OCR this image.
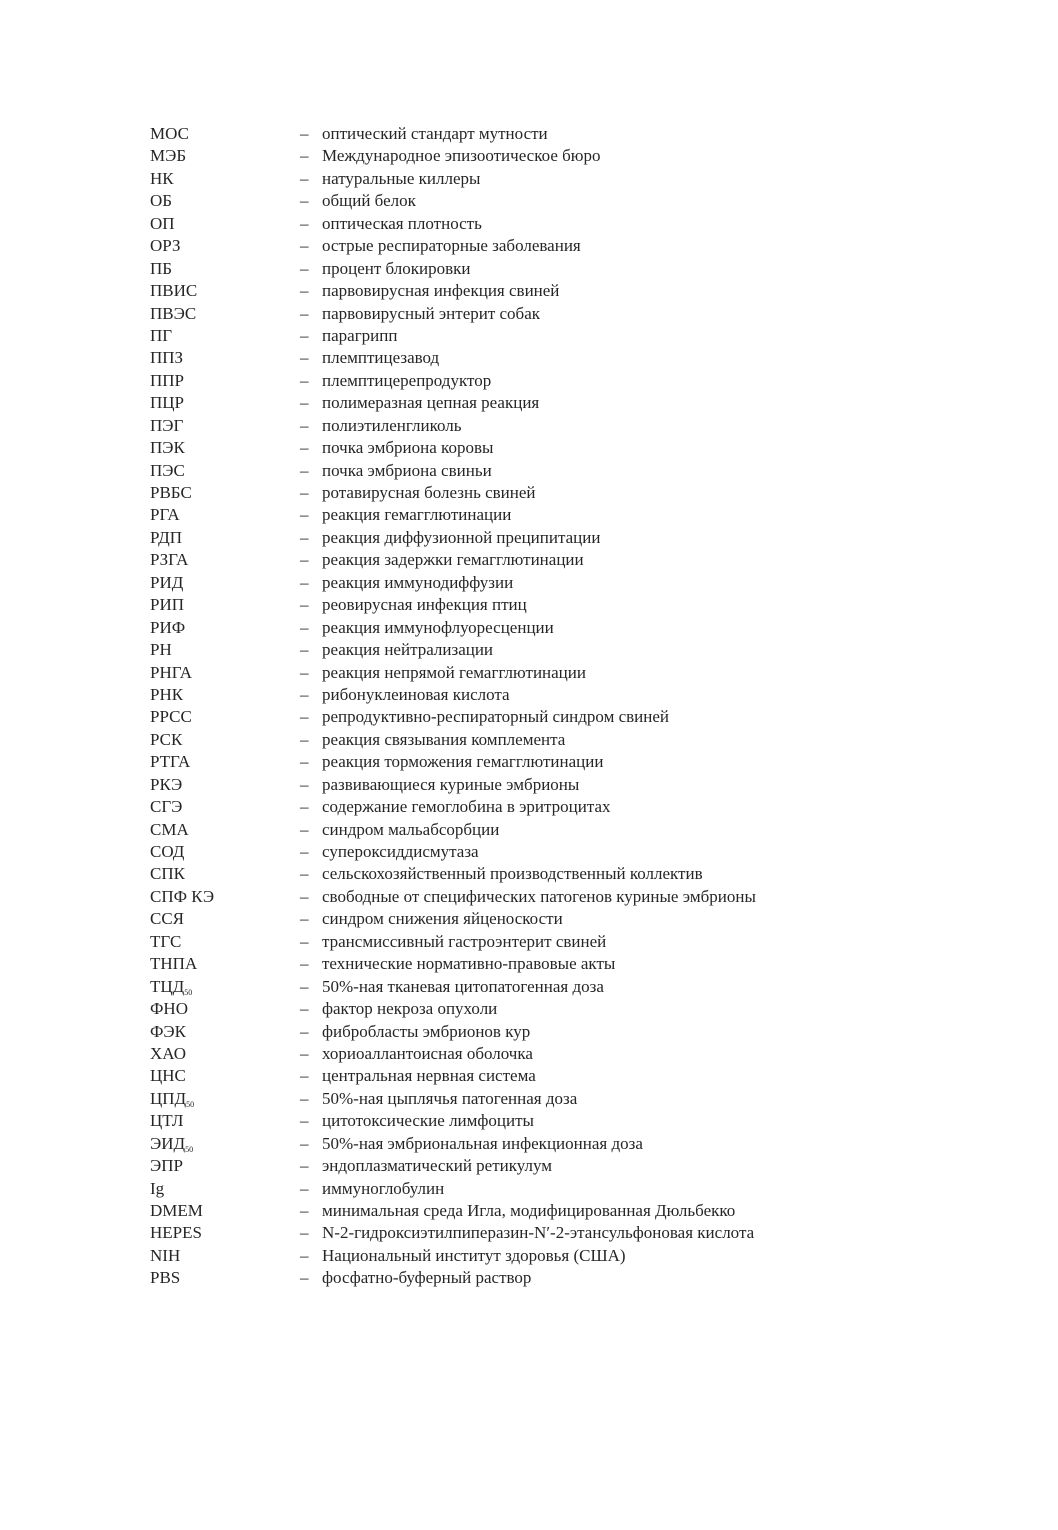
МОС	– оптический стандарт мутности
МЭБ	– Международное эпизоотическое бюро
НК	– натуральные киллеры
ОБ	– общий белок
ОП	– оптическая плотность
ОРЗ	– острые респираторные заболевания
ПБ	– процент блокировки
ПВИС	– парвовирусная инфекция свиней
ПВЭС	– парвовирусный энтерит собак
ПГ	– парагрипп
ППЗ	– племптицезавод
ППР	– племптицерепродуктор
ПЦР	– полимеразная цепная реакция
ПЭГ	– полиэтиленгликоль
ПЭК	– почка эмбриона коровы
ПЭС	– почка эмбриона свиньи
РВБС	– ротавирусная болезнь свиней
РГА	– реакция гемагглютинации
РДП	– реакция диффузионной преципитации
РЗГА	– реакция задержки гемагглютинации
РИД	– реакция иммунодиффузии
РИП	– реовирусная инфекция птиц
РИФ	– реакция иммунофлуоресценции
РН	– реакция нейтрализации
РНГА	– реакция непрямой гемагглютинации
РНК	– рибонуклеиновая кислота
РРСС	– репродуктивно-респираторный синдром свиней
РСК	– реакция связывания комплемента
РТГА	– реакция торможения гемагглютинации
РКЭ	– развивающиеся куриные эмбрионы
СГЭ	– содержание гемоглобина в эритроцитах
СМА	– синдром мальабсорбции
СОД	– супероксиддисмутаза
СПК	– сельскохозяйственный производственный коллектив
СПФ КЭ	– свободные от специфических патогенов куриные эмбрионы
ССЯ	– синдром снижения яйценоскости
ТГС	– трансмиссивный гастроэнтерит свиней
ТНПА	– технические нормативно-правовые акты
$ТЦД_{50}$	– 50%-ная тканевая цитопатогенная доза
ФНО	– фактор некроза опухоли
ФЭК	– фибробласты эмбрионов кур
ХАО	– хориоаллантоисная оболочка
ЦНС	– центральная нервная система
$ЦПД_{50}$	– 50%-ная цыплячья патогенная доза
ЦТЛ	– цитотоксические лимфоциты
$ЭИД_{50}$	– 50%-ная эмбриональная инфекционная доза
ЭПР	– эндоплазматический ретикулум
Ig	– иммуноглобулин
DMEM	– минимальная среда Игла, модифицированная Дюльбекко
HEPES	– N-2-гидроксиэтилпиперазин-N′-2-этансульфоновая кислота
NIH	– Национальный институт здоровья (США)
PBS	– фосфатно-буферный раствор
